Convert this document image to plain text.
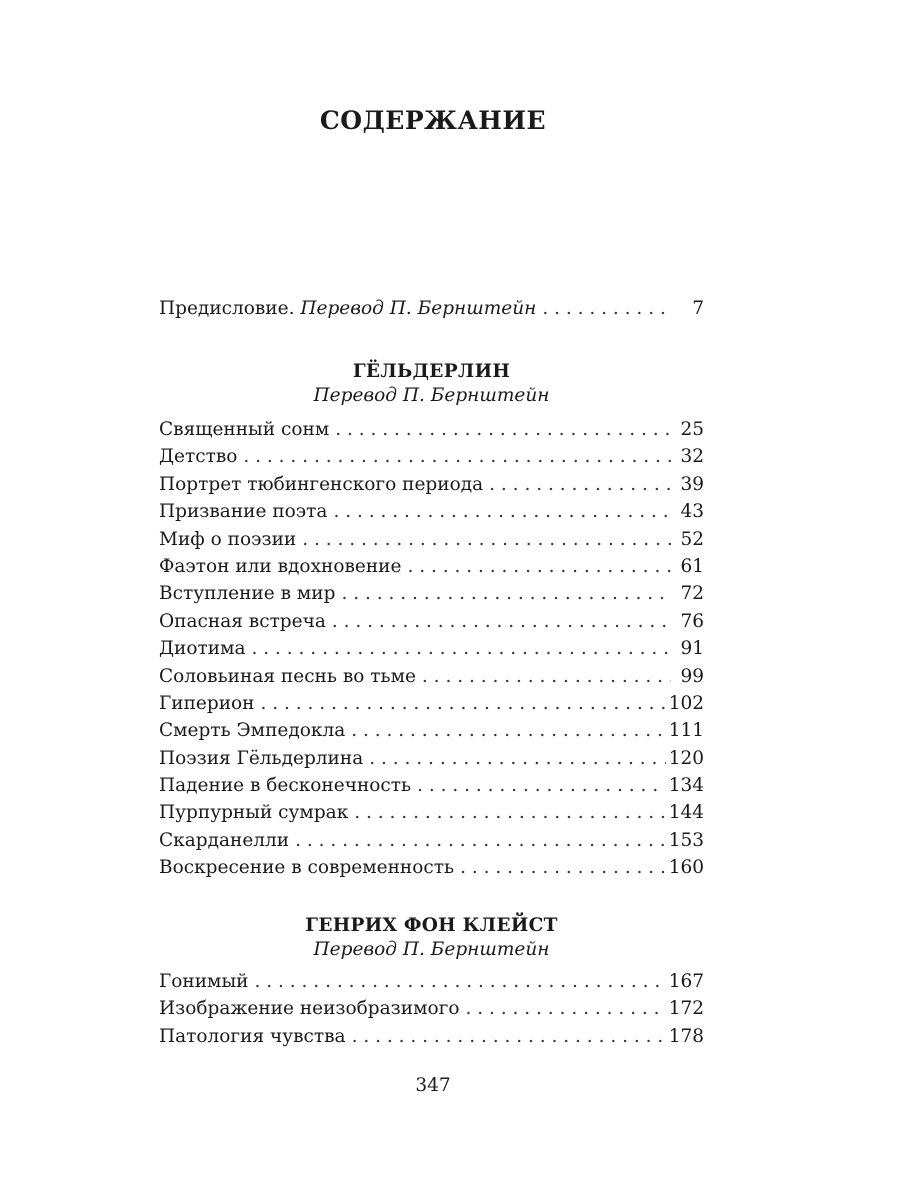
СОДЕРЖАНИЕ
Предисловие. Перевод П. Бернштейн . . .	7
ГЁЛЬДЕРЛИН
Перевод П. Бернштейн
Священный сонм . . .	25
Детство . . .	32
Портрет тюбингенского периода . . .	39
Призвание поэта . . .	43
Миф о поэзии . . .	52
Фаэтон или вдохновение . . .	61
Вступление в мир . . .	72
Опасная встреча . . .	76
Диотима . . .	91
Соловьиная песнь во тьме . . .	99
Гиперион . . .	102
Смерть Эмпедокла . . .	111
Поэзия Гёльдерлина . . .	120
Падение в бесконечность . . .	134
Пурпурный сумрак . . .	144
Скарданелли . . .	153
Воскресение в современность . . .	160
ГЕНРИХ ФОН КЛЕЙСТ
Перевод П. Бернштейн
Гонимый . . .	167
Изображение неизобразимого . . .	172
Патология чувства . . .	178
347
